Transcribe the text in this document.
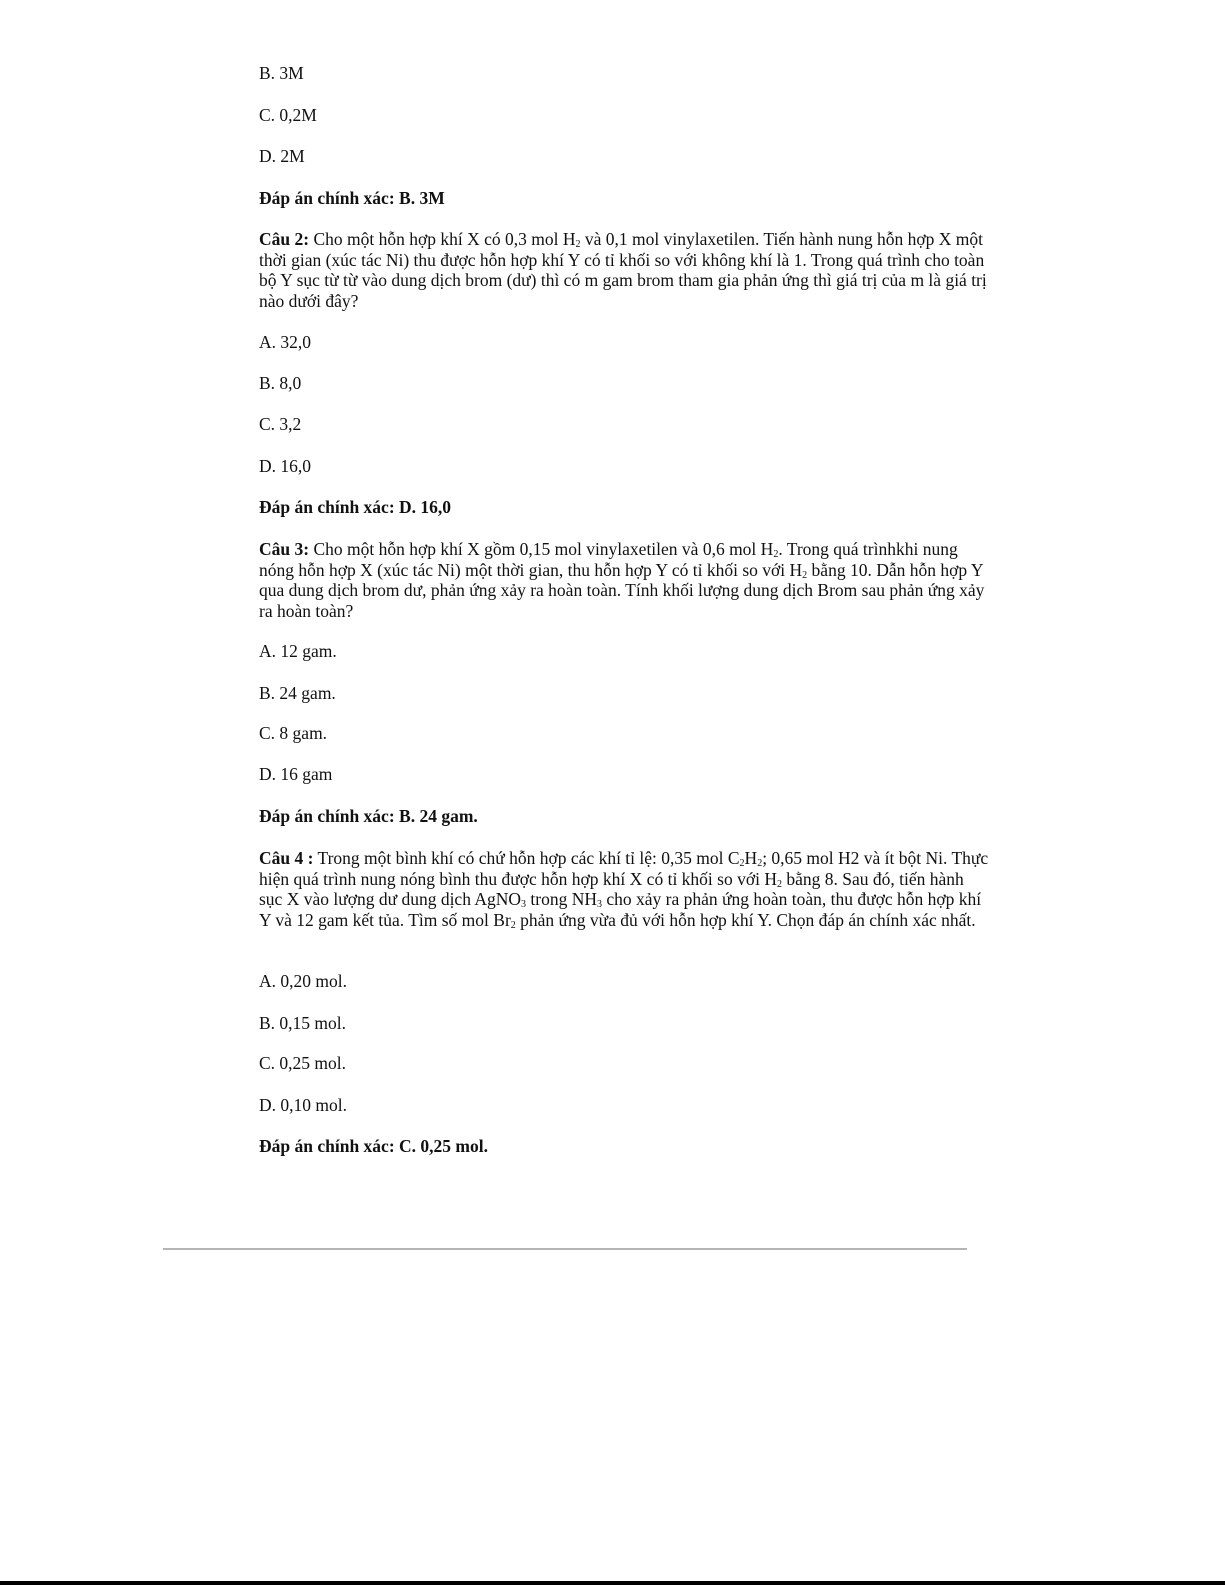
B. 3M
C. 0,2M
D. 2M
Đáp án chính xác: B. 3M
Câu 2: Cho một hỗn hợp khí X có 0,3 mol $H_2$ và 0,1 mol vinylaxetilen. Tiến hành nung hỗn hợp X một thời gian (xúc tác Ni) thu được hỗn hợp khí Y có tỉ khối so với không khí là 1. Trong quá trình cho toàn bộ Y sục từ từ vào dung dịch brom (dư) thì có m gam brom tham gia phản ứng thì giá trị của m là giá trị nào dưới đây?
A. 32,0
B. 8,0
C. 3,2
D. 16,0
Đáp án chính xác: D. 16,0
Câu 3: Cho một hỗn hợp khí X gồm 0,15 mol vinylaxetilen và 0,6 mol $H_2$. Trong quá trìnhkhi nung nóng hỗn hợp X (xúc tác Ni) một thời gian, thu hỗn hợp Y có tỉ khối so với $H_2$ bằng 10. Dẫn hỗn hợp Y qua dung dịch brom dư, phản ứng xảy ra hoàn toàn. Tính khối lượng dung dịch Brom sau phản ứng xảy ra hoàn toàn?
A. 12 gam.
B. 24 gam.
C. 8 gam.
D. 16 gam
Đáp án chính xác: B. 24 gam.
Câu 4 : Trong một bình khí có chứ hỗn hợp các khí tỉ lệ: 0,35 mol $C_2H_2$; 0,65 mol H2 và ít bột Ni. Thực hiện quá trình nung nóng bình thu được hỗn hợp khí X có tỉ khối so với $H_2$ bằng 8. Sau đó, tiến hành sục X vào lượng dư dung dịch AgNO$_3$ trong $NH_3$ cho xảy ra phản ứng hoàn toàn, thu được hỗn hợp khí Y và 12 gam kết tủa. Tìm số mol $Br_2$ phản ứng vừa đủ với hỗn hợp khí Y. Chọn đáp án chính xác nhất.
A. 0,20 mol.
B. 0,15 mol.
C. 0,25 mol.
D. 0,10 mol.
Đáp án chính xác: C. 0,25 mol.
